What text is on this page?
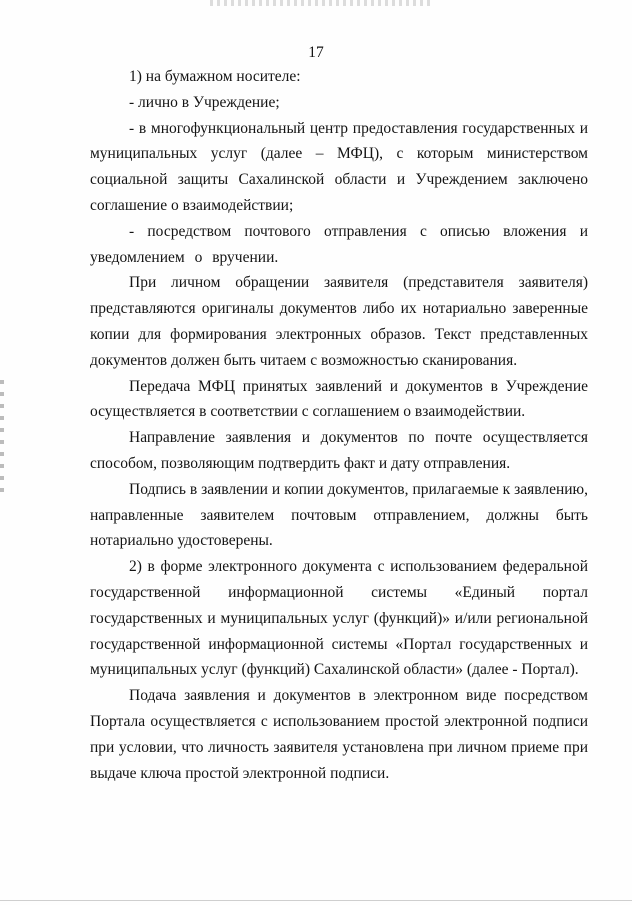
17

1) на бумажном носителе:

- лично в Учреждение;

- в многофункциональный центр предоставления государственных и муниципальных услуг (далее – МФЦ), с которым министерством социальной защиты Сахалинской области и Учреждением заключено соглашение о взаимодействии;

- посредством почтового отправления с описью вложения и уведомлением о вручении.

При личном обращении заявителя (представителя заявителя) представляются оригиналы документов либо их нотариально заверенные копии для формирования электронных образов. Текст представленных документов должен быть читаем с возможностью сканирования.

Передача МФЦ принятых заявлений и документов в Учреждение осуществляется в соответствии с соглашением о взаимодействии.

Направление заявления и документов по почте осуществляется способом, позволяющим подтвердить факт и дату отправления.

Подпись в заявлении и копии документов, прилагаемые к заявлению, направленные заявителем почтовым отправлением, должны быть нотариально удостоверены.

2) в форме электронного документа с использованием федеральной государственной информационной системы «Единый портал государственных и муниципальных услуг (функций)» и/или региональной государственной информационной системы «Портал государственных и муниципальных услуг (функций) Сахалинской области» (далее - Портал).

Подача заявления и документов в электронном виде посредством Портала осуществляется с использованием простой электронной подписи при условии, что личность заявителя установлена при личном приеме при выдаче ключа простой электронной подписи.
